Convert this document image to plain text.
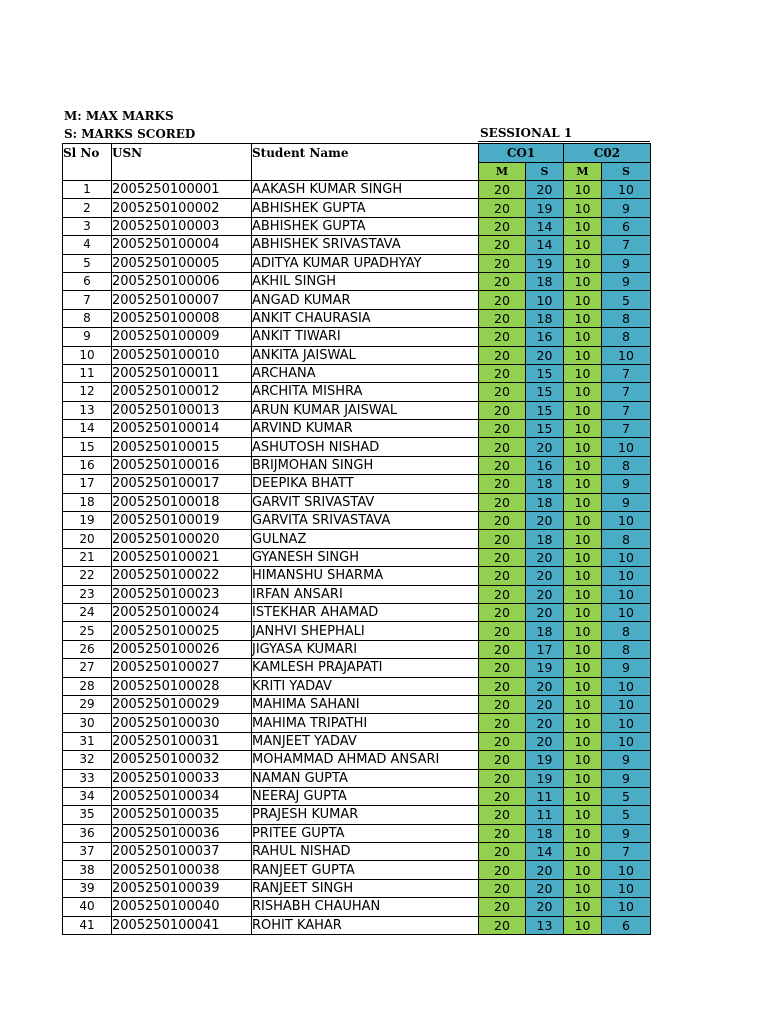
M: MAX MARKS
S: MARKS SCORED	SESSIONAL 1
Sl No	USN	Student Name	CO1		C02	
			M	S	M	S
1	2005250100001	AAKASH KUMAR SINGH	20	20	10	10
2	2005250100002	ABHISHEK GUPTA	20	19	10	9
3	2005250100003	ABHISHEK GUPTA	20	14	10	6
4	2005250100004	ABHISHEK SRIVASTAVA	20	14	10	7
5	2005250100005	ADITYA KUMAR UPADHYAY	20	19	10	9
6	2005250100006	AKHIL SINGH	20	18	10	9
7	2005250100007	ANGAD KUMAR	20	10	10	5
8	2005250100008	ANKIT CHAURASIA	20	18	10	8
9	2005250100009	ANKIT TIWARI	20	16	10	8
10	2005250100010	ANKITA JAISWAL	20	20	10	10
11	2005250100011	ARCHANA	20	15	10	7
12	2005250100012	ARCHITA MISHRA	20	15	10	7
13	2005250100013	ARUN KUMAR JAISWAL	20	15	10	7
14	2005250100014	ARVIND KUMAR	20	15	10	7
15	2005250100015	ASHUTOSH NISHAD	20	20	10	10
16	2005250100016	BRIJMOHAN SINGH	20	16	10	8
17	2005250100017	DEEPIKA BHATT	20	18	10	9
18	2005250100018	GARVIT SRIVASTAV	20	18	10	9
19	2005250100019	GARVITA SRIVASTAVA	20	20	10	10
20	2005250100020	GULNAZ	20	18	10	8
21	2005250100021	GYANESH SINGH	20	20	10	10
22	2005250100022	HIMANSHU SHARMA	20	20	10	10
23	2005250100023	IRFAN ANSARI	20	20	10	10
24	2005250100024	ISTEKHAR AHAMAD	20	20	10	10
25	2005250100025	JANHVI SHEPHALI	20	18	10	8
26	2005250100026	JIGYASA KUMARI	20	17	10	8
27	2005250100027	KAMLESH PRAJAPATI	20	19	10	9
28	2005250100028	KRITI YADAV	20	20	10	10
29	2005250100029	MAHIMA SAHANI	20	20	10	10
30	2005250100030	MAHIMA TRIPATHI	20	20	10	10
31	2005250100031	MANJEET YADAV	20	20	10	10
32	2005250100032	MOHAMMAD AHMAD ANSARI	20	19	10	9
33	2005250100033	NAMAN GUPTA	20	19	10	9
34	2005250100034	NEERAJ GUPTA	20	11	10	5
35	2005250100035	PRAJESH KUMAR	20	11	10	5
36	2005250100036	PRITEE GUPTA	20	18	10	9
37	2005250100037	RAHUL NISHAD	20	14	10	7
38	2005250100038	RANJEET GUPTA	20	20	10	10
39	2005250100039	RANJEET SINGH	20	20	10	10
40	2005250100040	RISHABH CHAUHAN	20	20	10	10
41	2005250100041	ROHIT KAHAR	20	13	10	6
